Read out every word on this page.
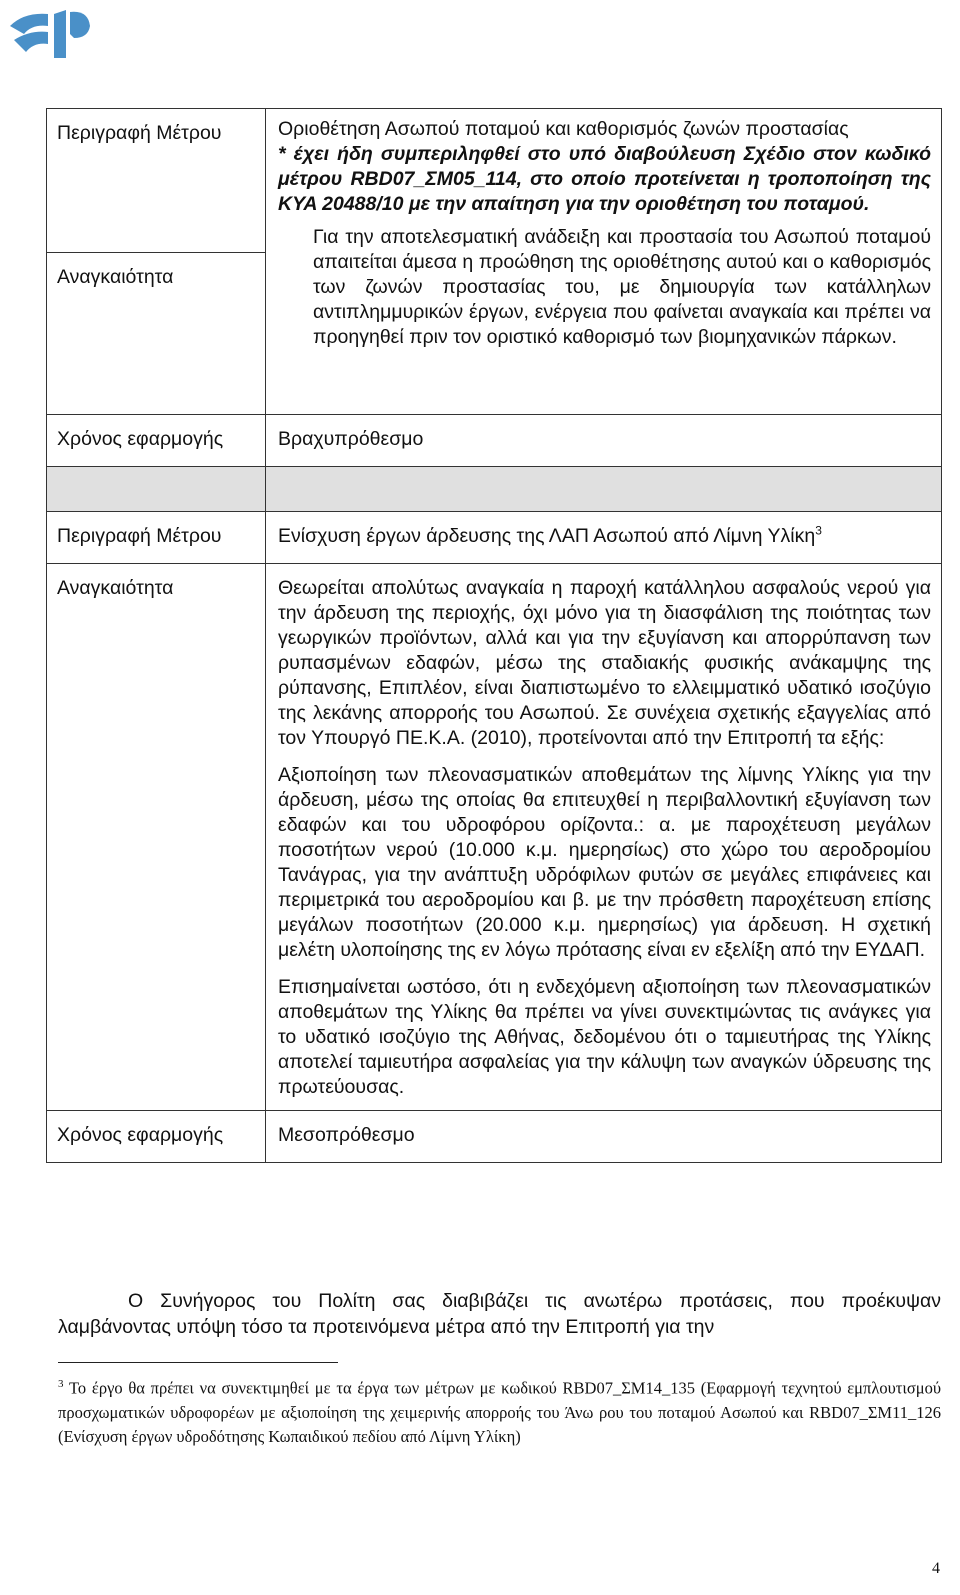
Περιγραφή Μέτρου	Οριοθέτηση Ασωπού ποταμού και καθορισμός ζωνών προστασίας
* έχει ήδη συμπεριληφθεί στο υπό διαβούλευση Σχέδιο στον κωδικό μέτρου RBD07_ΣΜ05_114, στο οποίο προτείνεται η τροποποίηση της ΚΥΑ 20488/10 με την απαίτηση για την οριοθέτηση του ποταμού.
Για την αποτελεσματική ανάδειξη και προστασία του Ασωπού ποταμού απαιτείται άμεσα η προώθηση της οριοθέτησης αυτού και ο καθορισμός των ζωνών προστασίας του, με δημιουργία των κατάλληλων αντιπλημμυρικών έργων, ενέργεια που φαίνεται αναγκαία και πρέπει να προηγηθεί πριν τον οριστικό καθορισμό των βιομηχανικών πάρκων.

Αναγκαιότητα	
Χρόνος εφαρμογής	Βραχυπρόθεσμο

Περιγραφή Μέτρου	Ενίσχυση έργων άρδευσης της ΛΑΠ Ασωπού από Λίμνη Υλίκη$^3$
Αναγκαιότητα	Θεωρείται απολύτως αναγκαία η παροχή κατάλληλου ασφαλούς νερού για την άρδευση της περιοχής, όχι μόνο για τη διασφάλιση της ποιότητας των γεωργικών προϊόντων, αλλά και για την εξυγίανση και απορρύπανση των ρυπασμένων εδαφών, μέσω της σταδιακής φυσικής ανάκαμψης της ρύπανσης, Επιπλέον, είναι διαπιστωμένο το ελλειμματικό υδατικό ισοζύγιο της λεκάνης απορροής του Ασωπού. Σε συνέχεια σχετικής εξαγγελίας από τον Υπουργό ΠΕ.Κ.Α. (2010), προτείνονται από την Επιτροπή τα εξής:

Αξιοποίηση των πλεονασματικών αποθεμάτων της λίμνης Υλίκης για την άρδευση, μέσω της οποίας θα επιτευχθεί η περιβαλλοντική εξυγίανση των εδαφών και του υδροφόρου ορίζοντα.: α. με παροχέτευση μεγάλων ποσοτήτων νερού (10.000 κ.μ. ημερησίως) στο χώρο του αεροδρομίου Τανάγρας, για την ανάπτυξη υδρόφιλων φυτών σε μεγάλες επιφάνειες και περιμετρικά του αεροδρομίου και β. με την πρόσθετη παροχέτευση επίσης μεγάλων ποσοτήτων (20.000 κ.μ. ημερησίως) για άρδευση. Η σχετική μελέτη υλοποίησης της εν λόγω πρότασης είναι εν εξελίξη από την ΕΥΔΑΠ.

Επισημαίνεται ωστόσο, ότι η ενδεχόμενη αξιοποίηση των πλεονασματικών αποθεμάτων της Υλίκης θα πρέπει να γίνει συνεκτιμώντας τις ανάγκες για το υδατικό ισοζύγιο της Αθήνας, δεδομένου ότι ο ταμιευτήρας της Υλίκης αποτελεί ταμιευτήρα ασφαλείας για την κάλυψη των αναγκών ύδρευσης της πρωτεύουσας.

Χρόνος εφαρμογής	Μεσοπρόθεσμο
Ο Συνήγορος του Πολίτη σας διαβιβάζει τις ανωτέρω προτάσεις, που προέκυψαν λαμβάνοντας υπόψη τόσο τα προτεινόμενα μέτρα από την Επιτροπή για την
$^3$ Το έργο θα πρέπει να συνεκτιμηθεί με τα έργα των μέτρων με κωδικού RBD07_ΣΜ14_135 (Εφαρμογή τεχνητού εμπλουτισμού προσχωματικών υδροφορέων με αξιοποίηση της χειμερινής απορροής του Άνω ρου του ποταμού Ασωπού και RBD07_ΣΜ11_126 (Ενίσχυση έργων υδροδότησης Κωπαιδικού πεδίου από Λίμνη Υλίκη)
4
